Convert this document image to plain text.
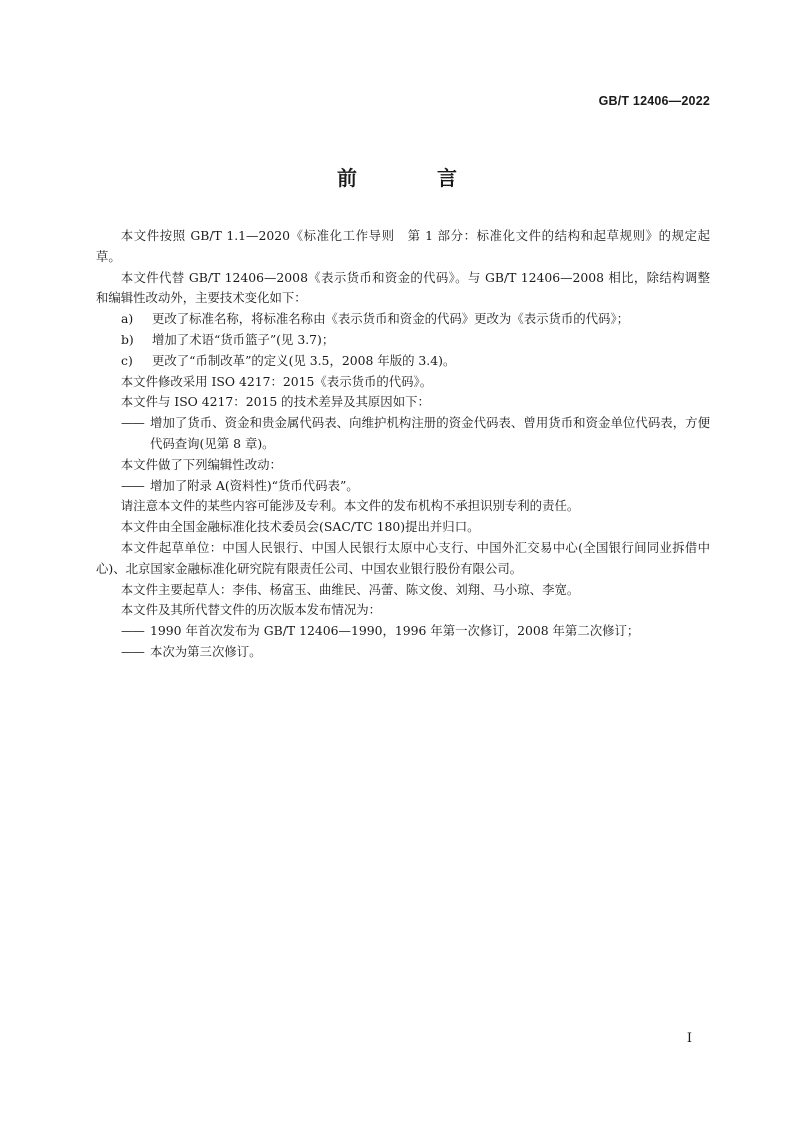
GB/T 12406—2022
前　言

本文件按照 GB/T 1.1—2020《标准化工作导则　第 1 部分：标准化文件的结构和起草规则》的规定起草。

本文件代替 GB/T 12406—2008《表示货币和资金的代码》。与 GB/T 12406—2008 相比，除结构调整和编辑性改动外，主要技术变化如下：

a) 更改了标准名称，将标准名称由《表示货币和资金的代码》更改为《表示货币的代码》；

b) 增加了术语“货币篮子”(见 3.7)；

c) 更改了“币制改革”的定义(见 3.5，2008 年版的 3.4)。

本文件修改采用 ISO 4217：2015《表示货币的代码》。

本文件与 ISO 4217：2015 的技术差异及其原因如下：

—— 增加了货币、资金和贵金属代码表、向维护机构注册的资金代码表、曾用货币和资金单位代码表，方便代码查询(见第 8 章)。

本文件做了下列编辑性改动：

—— 增加了附录 A(资料性)“货币代码表”。

请注意本文件的某些内容可能涉及专利。本文件的发布机构不承担识别专利的责任。

本文件由全国金融标准化技术委员会(SAC/TC 180)提出并归口。

本文件起草单位：中国人民银行、中国人民银行太原中心支行、中国外汇交易中心(全国银行间同业拆借中心)、北京国家金融标准化研究院有限责任公司、中国农业银行股份有限公司。

本文件主要起草人：李伟、杨富玉、曲维民、冯蕾、陈文俊、刘翔、马小琼、李宽。

本文件及其所代替文件的历次版本发布情况为：

—— 1990 年首次发布为 GB/T 12406—1990，1996 年第一次修订，2008 年第二次修订；

—— 本次为第三次修订。

I
